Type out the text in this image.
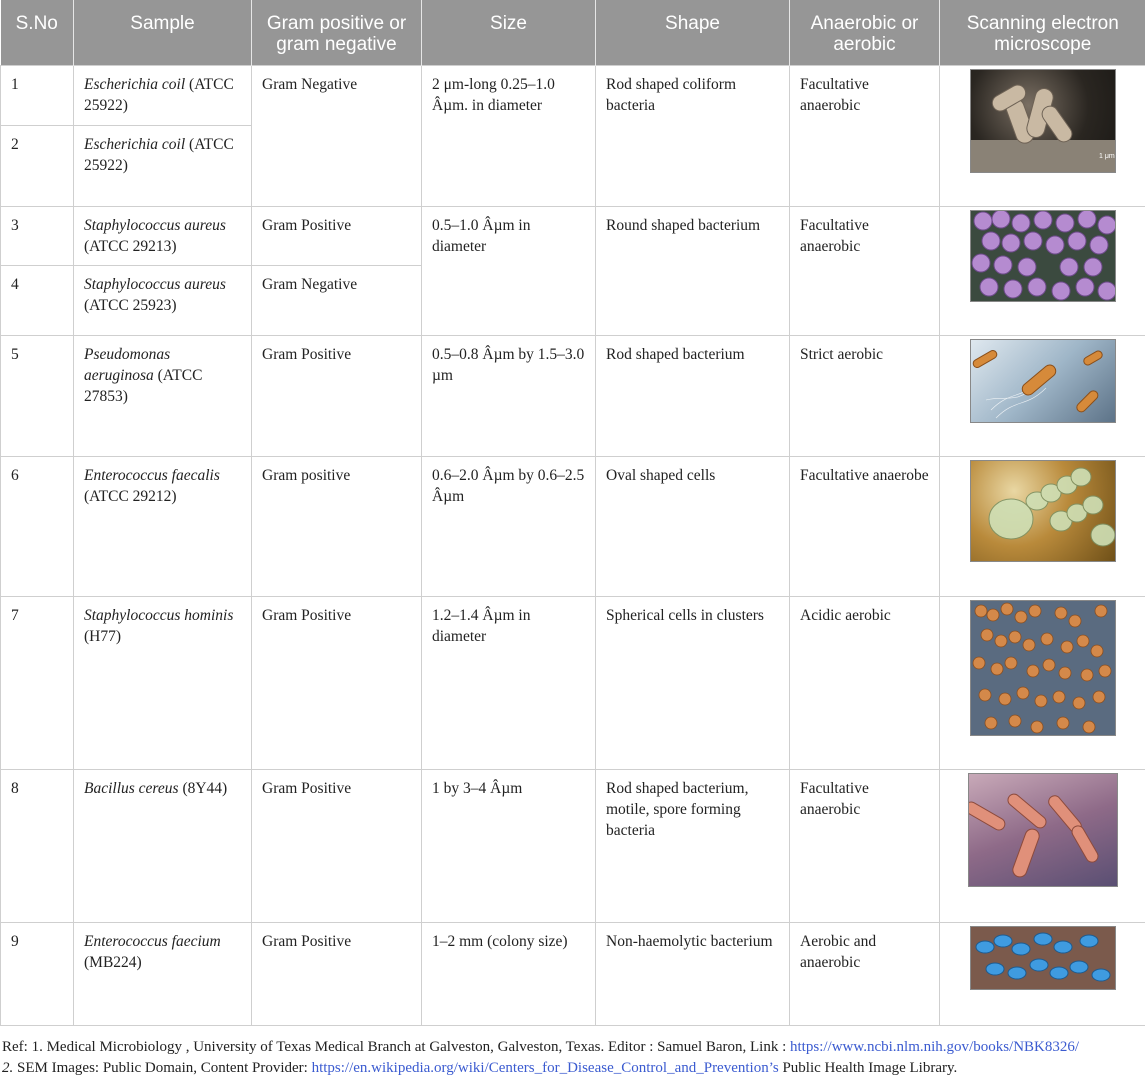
S.No	Sample	Gram positive or gram negative	Size	Shape	Anaerobic or aerobic	Scanning electron microscope
1	Escherichia coil (ATCC 25922)	Gram Negative	2 μm-long 0.25–1.0 Âµm. in diameter	Rod shaped coliform bacteria	Facultative anaerobic	1 μm

2	Escherichia coil (ATCC 25922)					
3	Staphylococcus aureus (ATCC 29213)	Gram Positive	0.5–1.0 Âµm in diameter	Round shaped bacterium	Facultative anaerobic	
4	Staphylococcus aureus (ATCC 25923)	Gram Negative				
5	Pseudomonas aeruginosa (ATCC 27853)	Gram Positive	0.5–0.8 Âµm by 1.5–3.0 µm	Rod shaped bacterium	Strict aerobic	
6	Enterococcus faecalis (ATCC 29212)	Gram positive	0.6–2.0 Âµm by 0.6–2.5 Âµm	Oval shaped cells	Facultative anaerobe	
7	Staphylococcus hominis (H77)	Gram Positive	1.2–1.4 Âµm in diameter	Spherical cells in clusters	Acidic aerobic	
8	Bacillus cereus (8Y44)	Gram Positive	1 by 3–4 Âµm	Rod shaped bacterium, motile, spore forming bacteria	Facultative anaerobic	
9	Enterococcus faecium (MB224)	Gram Positive	1–2 mm (colony size)	Non-haemolytic bacterium	Aerobic and anaerobic	
Ref: 1. Medical Microbiology , University of Texas Medical Branch at Galveston, Galveston, Texas. Editor : Samuel Baron, Link : https://www.ncbi.nlm.nih.gov/books/NBK8326/
2. SEM Images: Public Domain, Content Provider: https://en.wikipedia.org/wiki/Centers_for_Disease_Control_and_Prevention’s Public Health Image Library.
